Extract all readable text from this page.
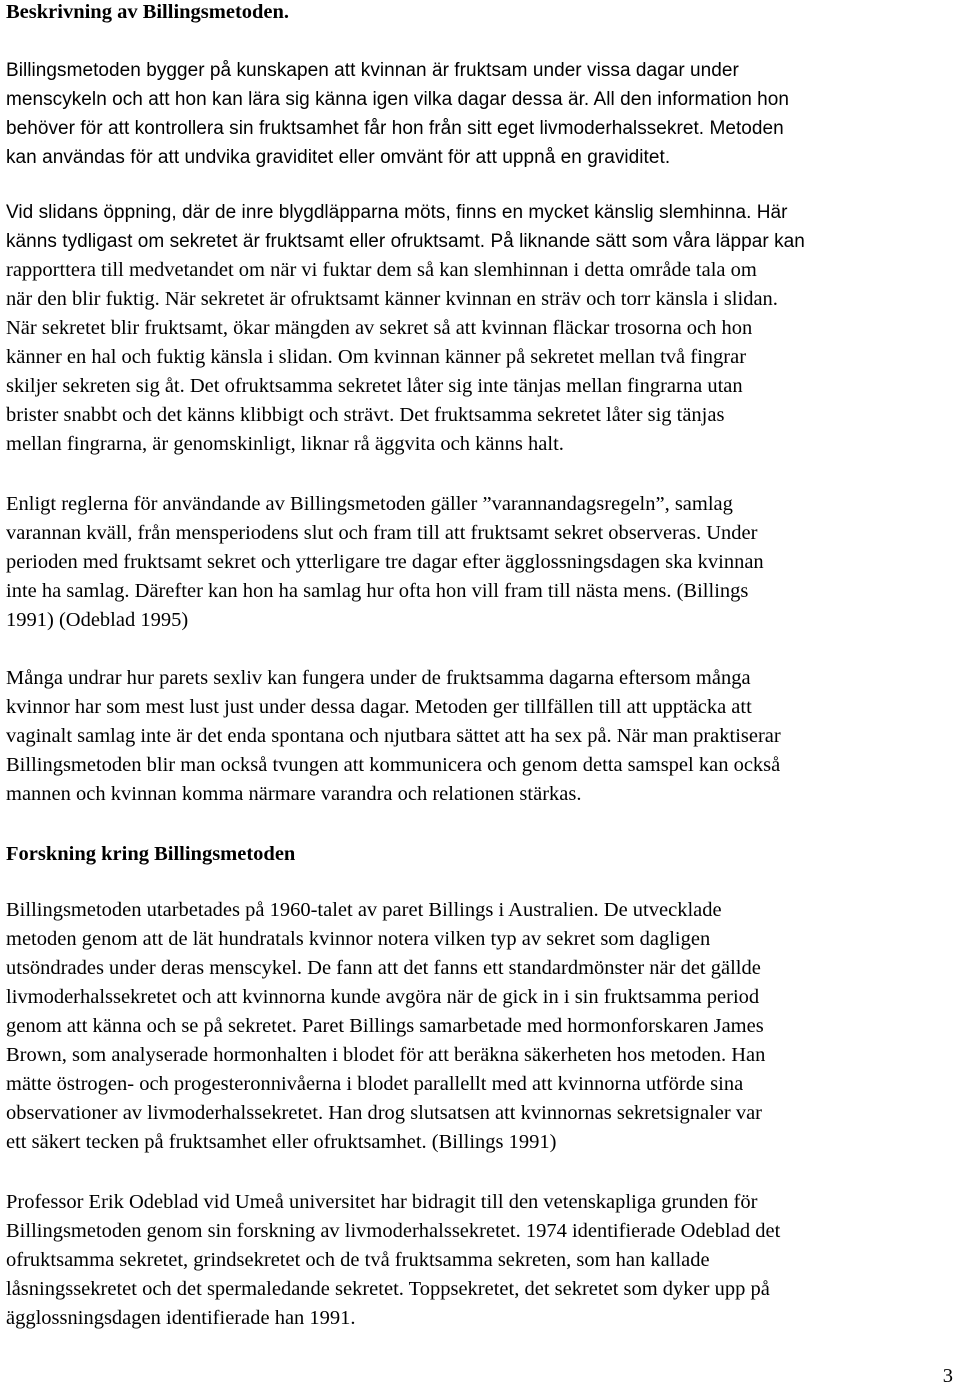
Beskrivning av Billingsmetoden.

Billingsmetoden bygger på kunskapen att kvinnan är fruktsam under vissa dagar under
menscykeln och att hon kan lära sig känna igen vilka dagar dessa är. All den information hon
behöver för att kontrollera sin fruktsamhet får hon från sitt eget livmoderhalssekret. Metoden
kan användas för att undvika graviditet eller omvänt för att uppnå en graviditet.

Vid slidans öppning, där de inre blygdläpparna möts, finns en mycket känslig slemhinna. Här
känns tydligast om sekretet är fruktsamt eller ofruktsamt. På liknande sätt som våra läppar kan
rapporttera till medvetandet om när vi fuktar dem så kan slemhinnan i detta område tala om
när den blir fuktig. När sekretet är ofruktsamt känner kvinnan en sträv och torr känsla i slidan.
När sekretet blir fruktsamt, ökar mängden av sekret så att kvinnan fläckar trosorna och hon
känner en hal och fuktig känsla i slidan. Om kvinnan känner på sekretet mellan två fingrar
skiljer sekreten sig åt. Det ofruktsamma sekretet låter sig inte tänjas mellan fingrarna utan
brister snabbt och det känns klibbigt och strävt. Det fruktsamma sekretet låter sig tänjas
mellan fingrarna, är genomskinligt, liknar rå äggvita och känns halt.

Enligt reglerna för användande av Billingsmetoden gäller ”varannandagsregeln”, samlag
varannan kväll, från mensperiodens slut och fram till att fruktsamt sekret observeras. Under
perioden med fruktsamt sekret och ytterligare tre dagar efter ägglossningsdagen ska kvinnan
inte ha samlag. Därefter kan hon ha samlag hur ofta hon vill fram till nästa mens. (Billings
1991) (Odeblad 1995)

Många undrar hur parets sexliv kan fungera under de fruktsamma dagarna eftersom många
kvinnor har som mest lust just under dessa dagar. Metoden ger tillfällen till att upptäcka att
vaginalt samlag inte är det enda spontana och njutbara sättet att ha sex på. När man praktiserar
Billingsmetoden blir man också tvungen att kommunicera och genom detta samspel kan också
mannen och kvinnan komma närmare varandra och relationen stärkas.

Forskning kring Billingsmetoden

Billingsmetoden utarbetades på 1960-talet av paret Billings i Australien. De utvecklade
metoden genom att de lät hundratals kvinnor notera vilken typ av sekret som dagligen
utsöndrades under deras menscykel. De fann att det fanns ett standardmönster när det gällde
livmoderhalssekretet och att kvinnorna kunde avgöra när de gick in i sin fruktsamma period
genom att känna och se på sekretet. Paret Billings samarbetade med hormonforskaren James
Brown, som analyserade hormonhalten i blodet för att beräkna säkerheten hos metoden. Han
mätte östrogen- och progesteronnivåerna i blodet parallellt med att kvinnorna utförde sina
observationer av livmoderhalssekretet. Han drog slutsatsen att kvinnornas sekretsignaler var
ett säkert tecken på fruktsamhet eller ofruktsamhet. (Billings 1991)

Professor Erik Odeblad vid Umeå universitet har bidragit till den vetenskapliga grunden för
Billingsmetoden genom sin forskning av livmoderhalssekretet. 1974 identifierade Odeblad det
ofruktsamma sekretet, grindsekretet och de två fruktsamma sekreten, som han kallade
låsningssekretet och det spermaledande sekretet. Toppsekretet, det sekretet som dyker upp på
ägglossningsdagen identifierade han 1991.

3
